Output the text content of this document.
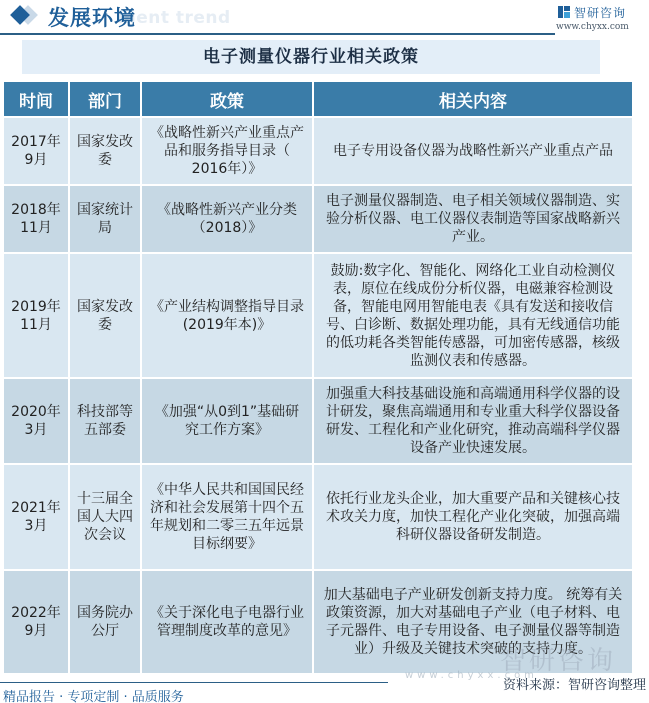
ment trend
发展环境	智研咨询
www.chyxx.com
电子测量仪器行业相关政策
时间	部门	政策	相关内容
2017年9月	国家发改委	《战略性新兴产业重点产品和服务指导目录（ 2016年）》	电子专用设备仪器为战略性新兴产业重点产品
2018年11月	国家统计局	《战略性新兴产业分类（2018）》	电子测量仪器制造、电子相关领域仪器制造、实验分析仪器、电工仪器仪表制造等国家战略新兴产业。
2019年11月	国家发改委	《产业结构调整指导目录(2019年本)》	鼓励:数字化、智能化、网络化工业自动检测仪表，原位在线成份分析仪器，电磁兼容检测设备，智能电网用智能电表《具有发送和接收信号、白诊断、数据处理功能，具有无线通信功能的低功耗各类智能传感器，可加密传感器，核级监测仪表和传感器。
2020年3月	科技部等五部委	《加强“从0到1”基础研究工作方案》	加强重大科技基础设施和高端通用科学仪器的设计研发，聚焦高端通用和专业重大科学仪器设备研发、工程化和产业化研究，推动高端科学仪器设备产业快速发展。
2021年3月	十三届全国人大四次会议	《中华人民共和国国民经济和社会发展第十四个五年规划和二零三五年远景目标纲要》	依托行业龙头企业，加大重要产品和关键核心技术攻关力度，加快工程化产业化突破，加强高端科研仪器设备研发制造。
2022年9月	国务院办公厅	《关于深化电子电器行业管理制度改革的意见》	加大基础电子产业研发创新支持力度。 统筹有关政策资源，加大对基础电子产业（电子材料、电子元器件、电子专用设备、电子测量仪器等制造业）升级及关键技术突破的支持力度。
智研咨询
www.chyxx.com
资料来源：智研咨询整理
精品报告 · 专项定制 · 品质服务
